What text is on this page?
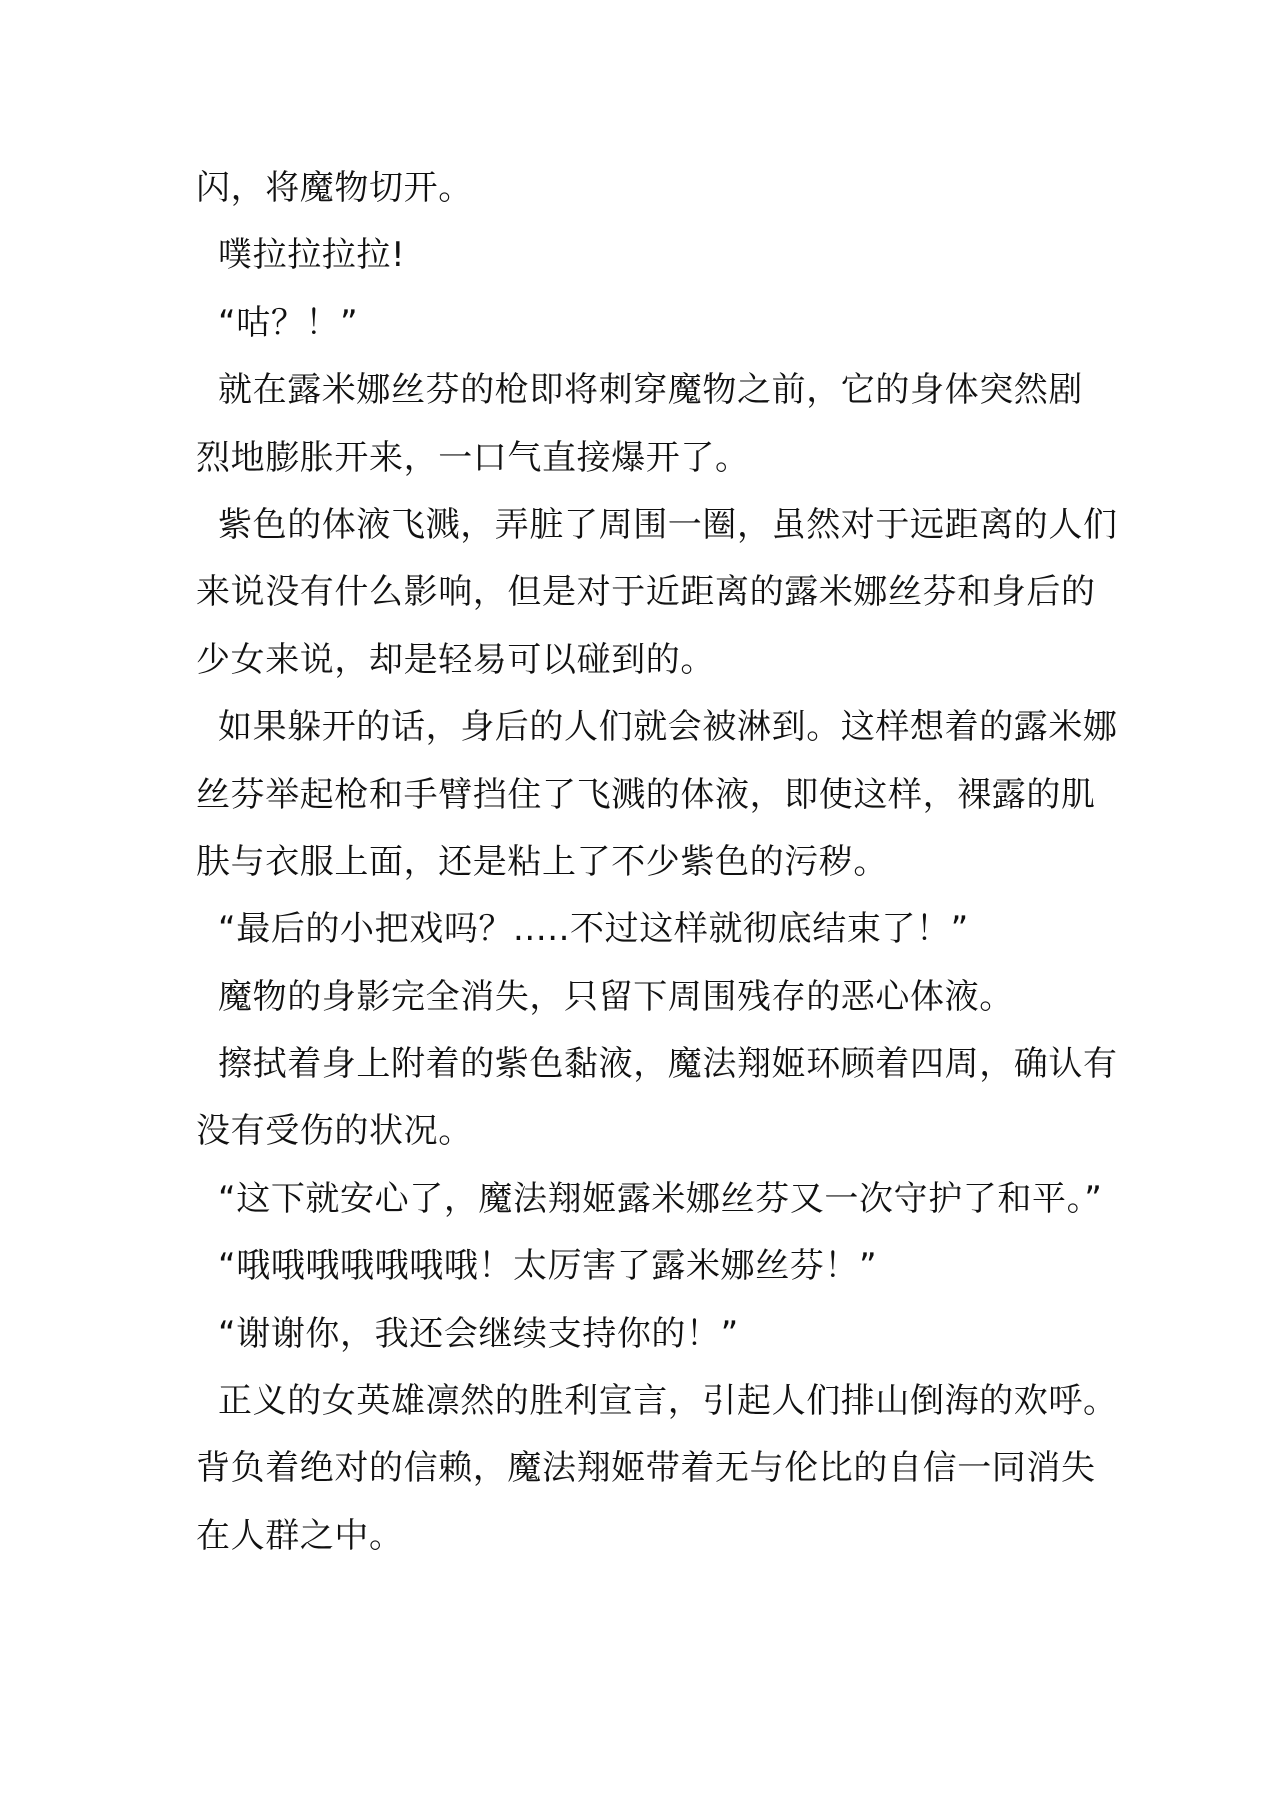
闪，将魔物切开。
噗拉拉拉拉!
“咕？！”
就在露米娜丝芬的枪即将刺穿魔物之前，它的身体突然剧
烈地膨胀开来，一口气直接爆开了。
紫色的体液飞溅，弄脏了周围一圈，虽然对于远距离的人们
来说没有什么影响，但是对于近距离的露米娜丝芬和身后的
少女来说，却是轻易可以碰到的。
如果躲开的话，身后的人们就会被淋到。这样想着的露米娜
丝芬举起枪和手臂挡住了飞溅的体液，即使这样，裸露的肌
肤与衣服上面，还是粘上了不少紫色的污秽。
“最后的小把戏吗？.....不过这样就彻底结束了！”
魔物的身影完全消失，只留下周围残存的恶心体液。
擦拭着身上附着的紫色黏液，魔法翔姬环顾着四周，确认有
没有受伤的状况。
“这下就安心了，魔法翔姬露米娜丝芬又一次守护了和平。”
“哦哦哦哦哦哦哦！太厉害了露米娜丝芬！”
“谢谢你，我还会继续支持你的！”
正义的女英雄凛然的胜利宣言，引起人们排山倒海的欢呼。
背负着绝对的信赖，魔法翔姬带着无与伦比的自信一同消失
在人群之中。
